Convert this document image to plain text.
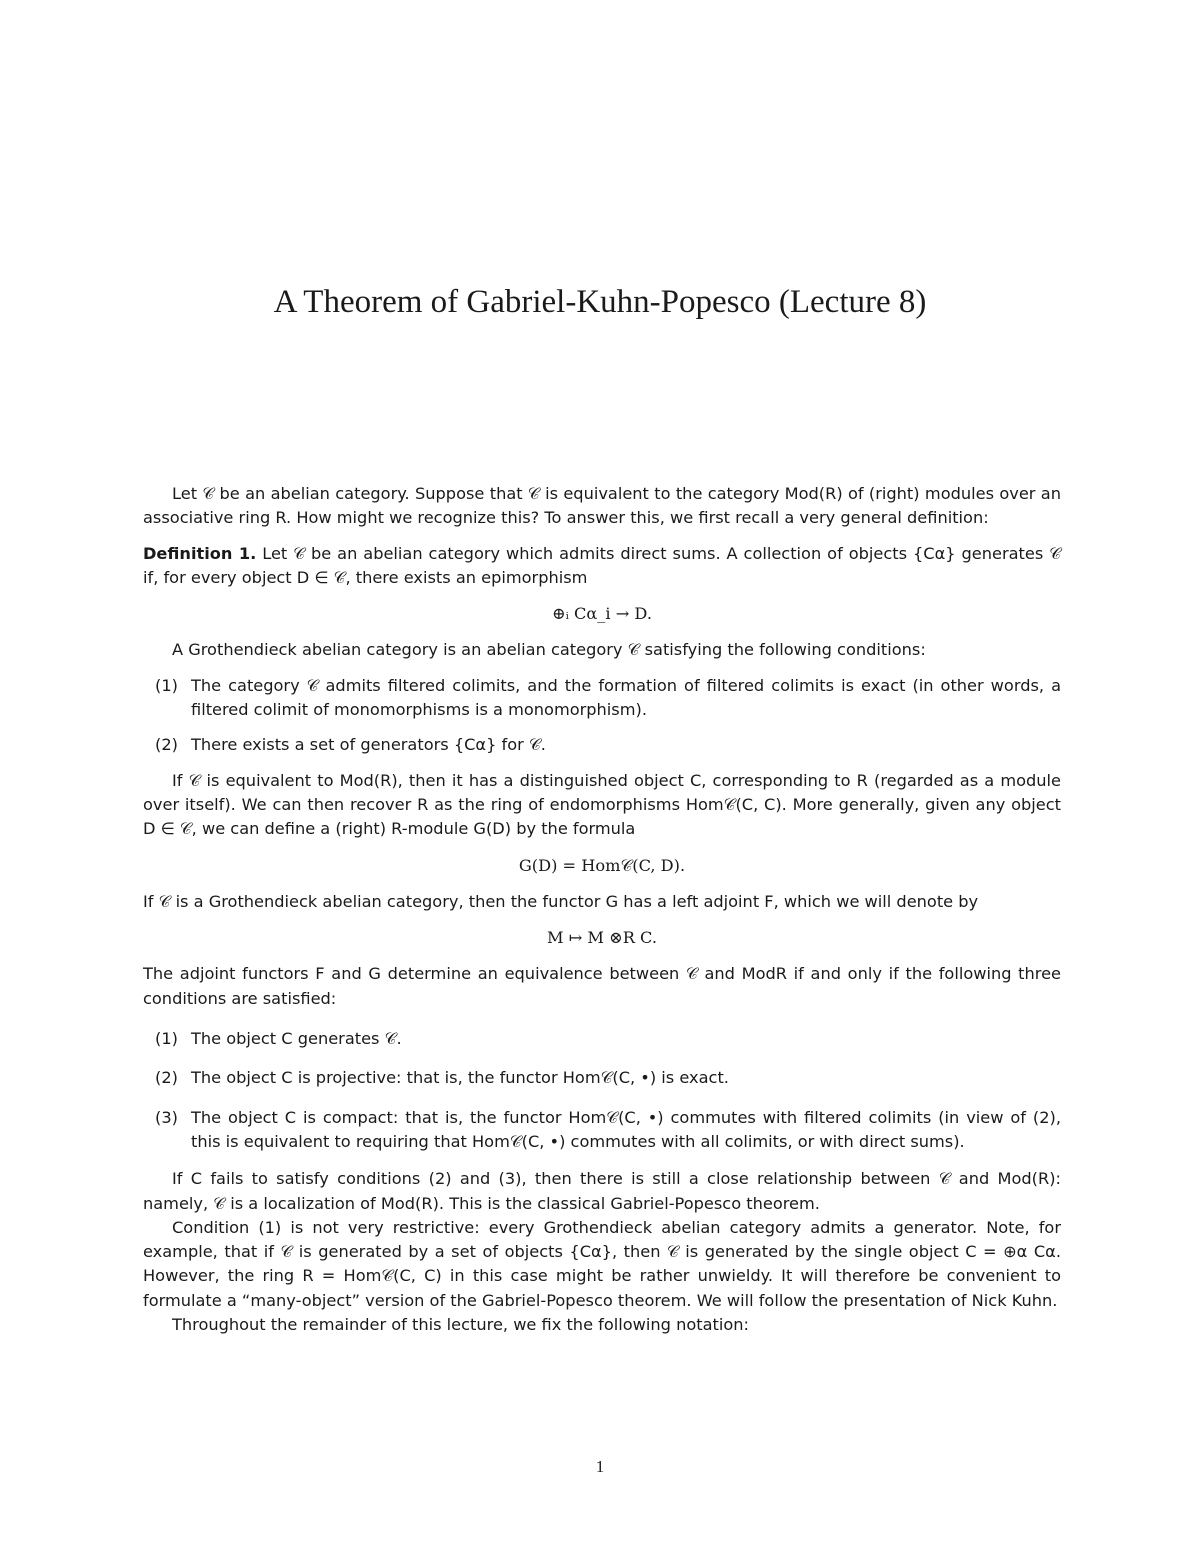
A Theorem of Gabriel-Kuhn-Popesco (Lecture 8)

Let 𝒞 be an abelian category. Suppose that 𝒞 is equivalent to the category Mod(R) of (right) modules over an associative ring R. How might we recognize this? To answer this, we first recall a very general definition:

Definition 1. Let 𝒞 be an abelian category which admits direct sums. A collection of objects {Cα} generates 𝒞 if, for every object D ∈ 𝒞, there exists an epimorphism

⊕ᵢ Cα_i → D.

A Grothendieck abelian category is an abelian category 𝒞 satisfying the following conditions:

(1) The category 𝒞 admits filtered colimits, and the formation of filtered colimits is exact (in other words, a filtered colimit of monomorphisms is a monomorphism).

(2) There exists a set of generators {Cα} for 𝒞.

If 𝒞 is equivalent to Mod(R), then it has a distinguished object C, corresponding to R (regarded as a module over itself). We can then recover R as the ring of endomorphisms Hom𝒞(C, C). More generally, given any object D ∈ 𝒞, we can define a (right) R-module G(D) by the formula

G(D) = Hom𝒞(C, D).

If 𝒞 is a Grothendieck abelian category, then the functor G has a left adjoint F, which we will denote by

M ↦ M ⊗R C.

The adjoint functors F and G determine an equivalence between 𝒞 and ModR if and only if the following three conditions are satisfied:

(1) The object C generates 𝒞.

(2) The object C is projective: that is, the functor Hom𝒞(C, •) is exact.

(3) The object C is compact: that is, the functor Hom𝒞(C, •) commutes with filtered colimits (in view of (2), this is equivalent to requiring that Hom𝒞(C, •) commutes with all colimits, or with direct sums).

If C fails to satisfy conditions (2) and (3), then there is still a close relationship between 𝒞 and Mod(R): namely, 𝒞 is a localization of Mod(R). This is the classical Gabriel-Popesco theorem.

Condition (1) is not very restrictive: every Grothendieck abelian category admits a generator. Note, for example, that if 𝒞 is generated by a set of objects {Cα}, then 𝒞 is generated by the single object C = ⊕α Cα. However, the ring R = Hom𝒞(C, C) in this case might be rather unwieldy. It will therefore be convenient to formulate a “many-object” version of the Gabriel-Popesco theorem. We will follow the presentation of Nick Kuhn.

Throughout the remainder of this lecture, we fix the following notation:

1
